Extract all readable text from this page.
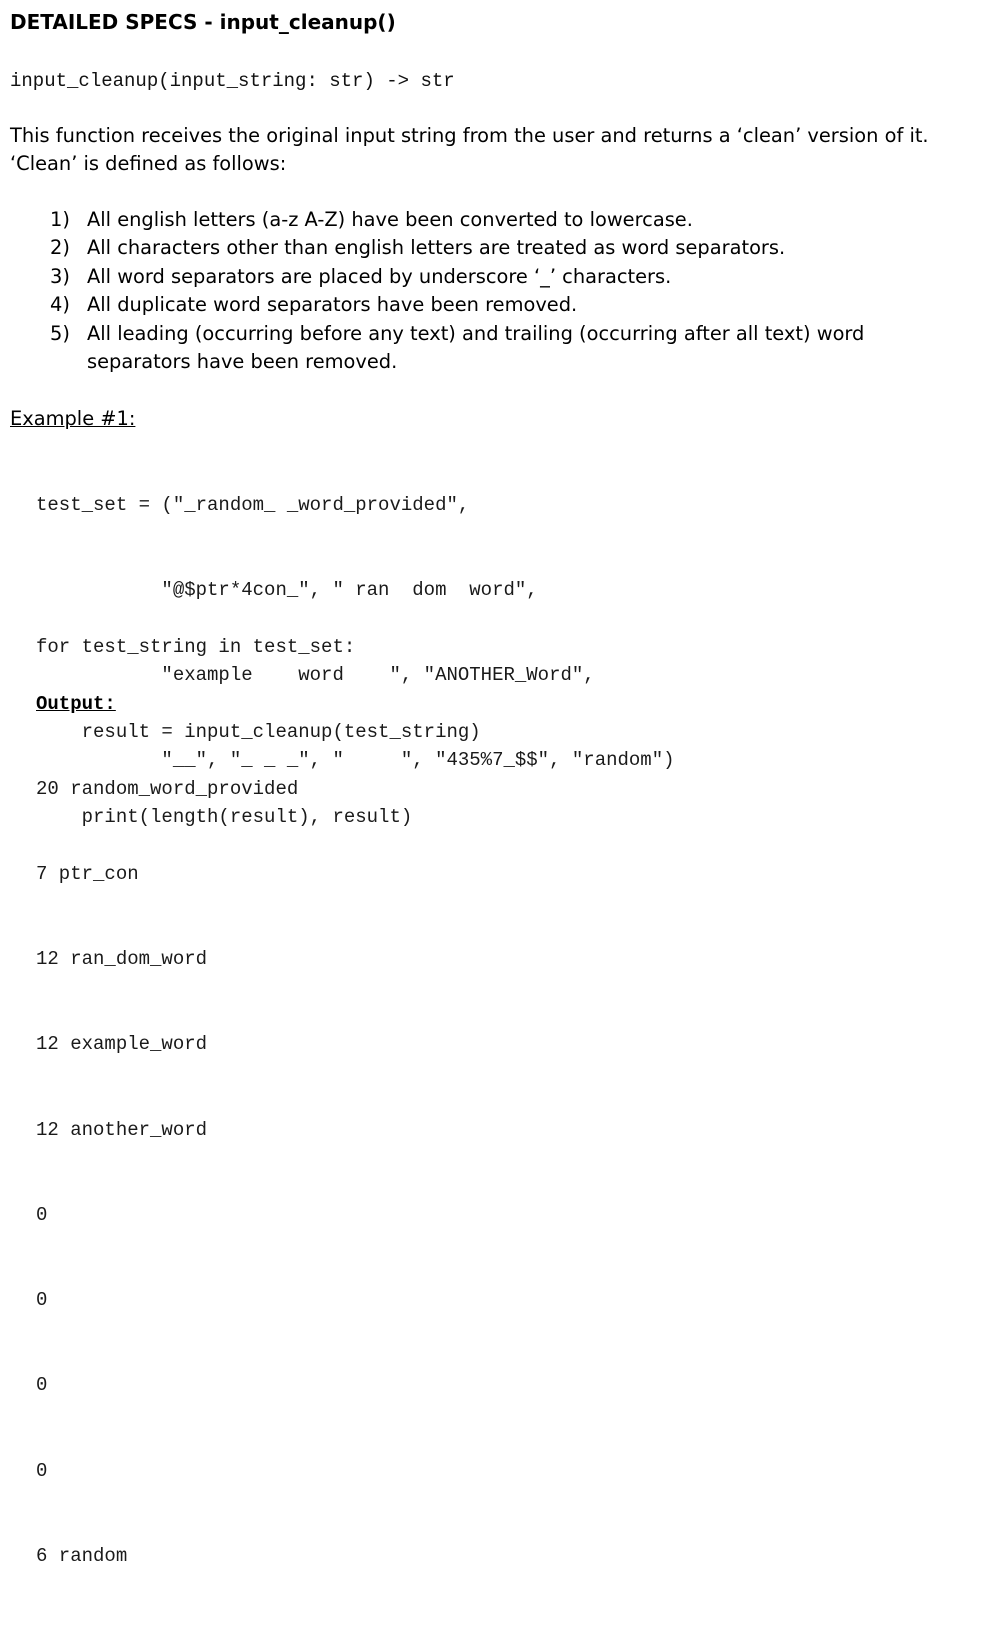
DETAILED SPECS - input_cleanup()
input_cleanup(input_string: str) -> str
This function receives the original input string from the user and returns a ‘clean’ version of it. ‘Clean’ is defined as follows:
1) All english letters (a-z A-Z) have been converted to lowercase.
2) All characters other than english letters are treated as word separators.
3) All word separators are placed by underscore ‘_’ characters.
4) All duplicate word separators have been removed.
5) All leading (occurring before any text) and trailing (occurring after all text) word separators have been removed.
Example #1:

test_set = ("_random_ _word_provided",

"@$ptr*4con_", " ran  dom  word",

"example    word    ", "ANOTHER_Word",

"__", "_ _ _", "     ", "435%7_$$", "random")

for test_string in test_set:

result = input_cleanup(test_string)

print(length(result), result)

Output:

20 random_word_provided

7 ptr_con

12 ran_dom_word

12 example_word

12 another_word

0

0

0

0

6 random
